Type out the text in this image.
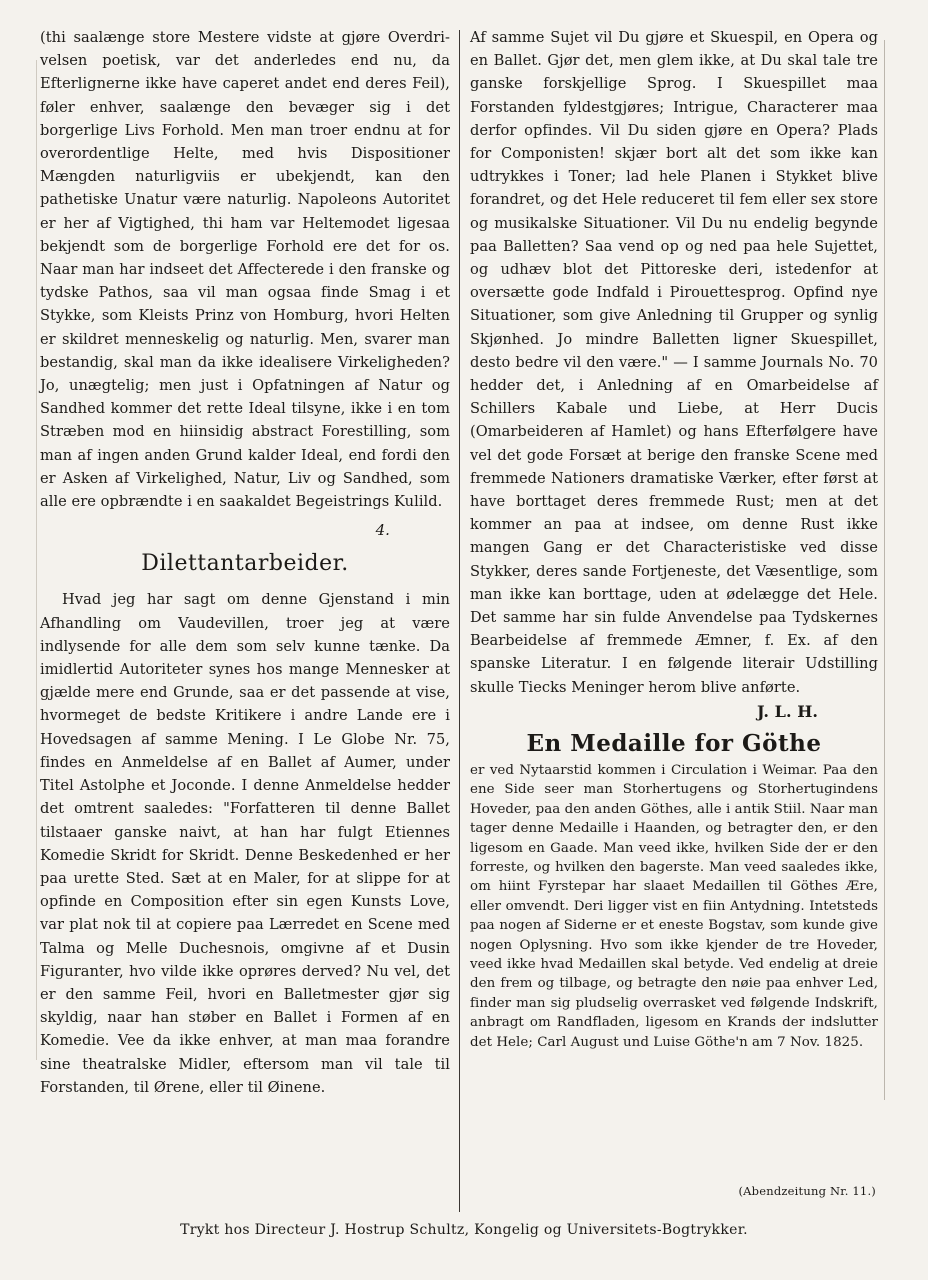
(thi saalænge store Mestere vidste at gjøre Overdri-velsen poetisk, var det anderledes end nu, da Efterlignerne ikke have caperet andet end deres Feil), føler enhver, saalænge den bevæger sig i det borgerlige Livs Forhold. Men man troer endnu at for overordentlige Helte, med hvis Dispositioner Mængden naturligviis er ubekjendt, kan den pathetiske Unatur være naturlig. Napoleons Autoritet er her af Vigtighed, thi ham var Heltemodet ligesaa bekjendt som de borgerlige Forhold ere det for os. Naar man har indseet det Affecterede i den franske og tydske Pathos, saa vil man ogsaa finde Smag i et Stykke, som Kleists Prinz von Homburg, hvori Helten er skildret menneskelig og naturlig. Men, svarer man bestandig, skal man da ikke idealisere Virkeligheden? Jo, unægtelig; men just i Opfatningen af Natur og Sandhed kommer det rette Ideal tilsyne, ikke i en tom Stræben mod en hiinsidig abstract Forestilling, som man af ingen anden Grund kalder Ideal, end fordi den er Asken af Virkelighed, Natur, Liv og Sandhed, som alle ere opbrændte i en saakaldet Begeistrings Kulild.

4.

Dilettantarbeider.

Hvad jeg har sagt om denne Gjenstand i min Afhandling om Vaudevillen, troer jeg at være indlysende for alle dem som selv kunne tænke. Da imidlertid Autoriteter synes hos mange Mennesker at gjælde mere end Grunde, saa er det passende at vise, hvormeget de bedste Kritikere i andre Lande ere i Hovedsagen af samme Mening. I Le Globe Nr. 75, findes en Anmeldelse af en Ballet af Aumer, under Titel Astolphe et Joconde. I denne Anmeldelse hedder det omtrent saaledes: "Forfatteren til denne Ballet tilstaaer ganske naivt, at han har fulgt Etiennes Komedie Skridt for Skridt. Denne Beskedenhed er her paa urette Sted. Sæt at en Maler, for at slippe for at opfinde en Composition efter sin egen Kunsts Love, var plat nok til at copiere paa Lærredet en Scene med Talma og Melle Duchesnois, omgivne af et Dusin Figuranter, hvo vilde ikke oprøres derved? Nu vel, det er den samme Feil, hvori en Balletmester gjør sig skyldig, naar han støber en Ballet i Formen af en Komedie. Vee da ikke enhver, at man maa forandre sine theatralske Midler, eftersom man vil tale til Forstanden, til Ørene, eller til Øinene.

Af samme Sujet vil Du gjøre et Skuespil, en Opera og en Ballet. Gjør det, men glem ikke, at Du skal tale tre ganske forskjellige Sprog. I Skuespillet maa Forstanden fyldestgjøres; Intrigue, Characterer maa derfor opfindes. Vil Du siden gjøre en Opera? Plads for Componisten! skjær bort alt det som ikke kan udtrykkes i Toner; lad hele Planen i Stykket blive forandret, og det Hele reduceret til fem eller sex store og musikalske Situationer. Vil Du nu endelig begynde paa Balletten? Saa vend op og ned paa hele Sujettet, og udhæv blot det Pittoreske deri, istedenfor at oversætte gode Indfald i Pirouettesprog. Opfind nye Situationer, som give Anledning til Grupper og synlig Skjønhed. Jo mindre Balletten ligner Skuespillet, desto bedre vil den være." — I samme Journals No. 70 hedder det, i Anledning af en Omarbeidelse af Schillers Kabale und Liebe, at Herr Ducis (Omarbeideren af Hamlet) og hans Efterfølgere have vel det gode Forsæt at berige den franske Scene med fremmede Nationers dramatiske Værker, efter først at have borttaget deres fremmede Rust; men at det kommer an paa at indsee, om denne Rust ikke mangen Gang er det Characteristiske ved disse Stykker, deres sande Fortjeneste, det Væsentlige, som man ikke kan borttage, uden at ødelægge det Hele. Det samme har sin fulde Anvendelse paa Tydskernes Bearbeidelse af fremmede Æmner, f. Ex. af den spanske Literatur. I en følgende literair Udstilling skulle Tiecks Meninger herom blive anførte.

J. L. H.

En Medaille for Göthe

er ved Nytaarstid kommen i Circulation i Weimar. Paa den ene Side seer man Storhertugens og Storhertugindens Hoveder, paa den anden Göthes, alle i antik Stiil. Naar man tager denne Medaille i Haanden, og betragter den, er den ligesom en Gaade. Man veed ikke, hvilken Side der er den forreste, og hvilken den bagerste. Man veed saaledes ikke, om hiint Fyrstepar har slaaet Medaillen til Göthes Ære, eller omvendt. Deri ligger vist en fiin Antydning. Intetsteds paa nogen af Siderne er et eneste Bogstav, som kunde give nogen Oplysning. Hvo som ikke kjender de tre Hoveder, veed ikke hvad Medaillen skal betyde. Ved endelig at dreie den frem og tilbage, og betragte den nøie paa enhver Led, finder man sig pludselig overrasket ved følgende Indskrift, anbragt om Randfladen, ligesom en Krands der indslutter det Hele; Carl August und Luise Göthe'n am 7 Nov. 1825.

(Abendzeitung Nr. 11.)
Trykt hos Directeur J. Hostrup Schultz, Kongelig og Universitets-Bogtrykker.
